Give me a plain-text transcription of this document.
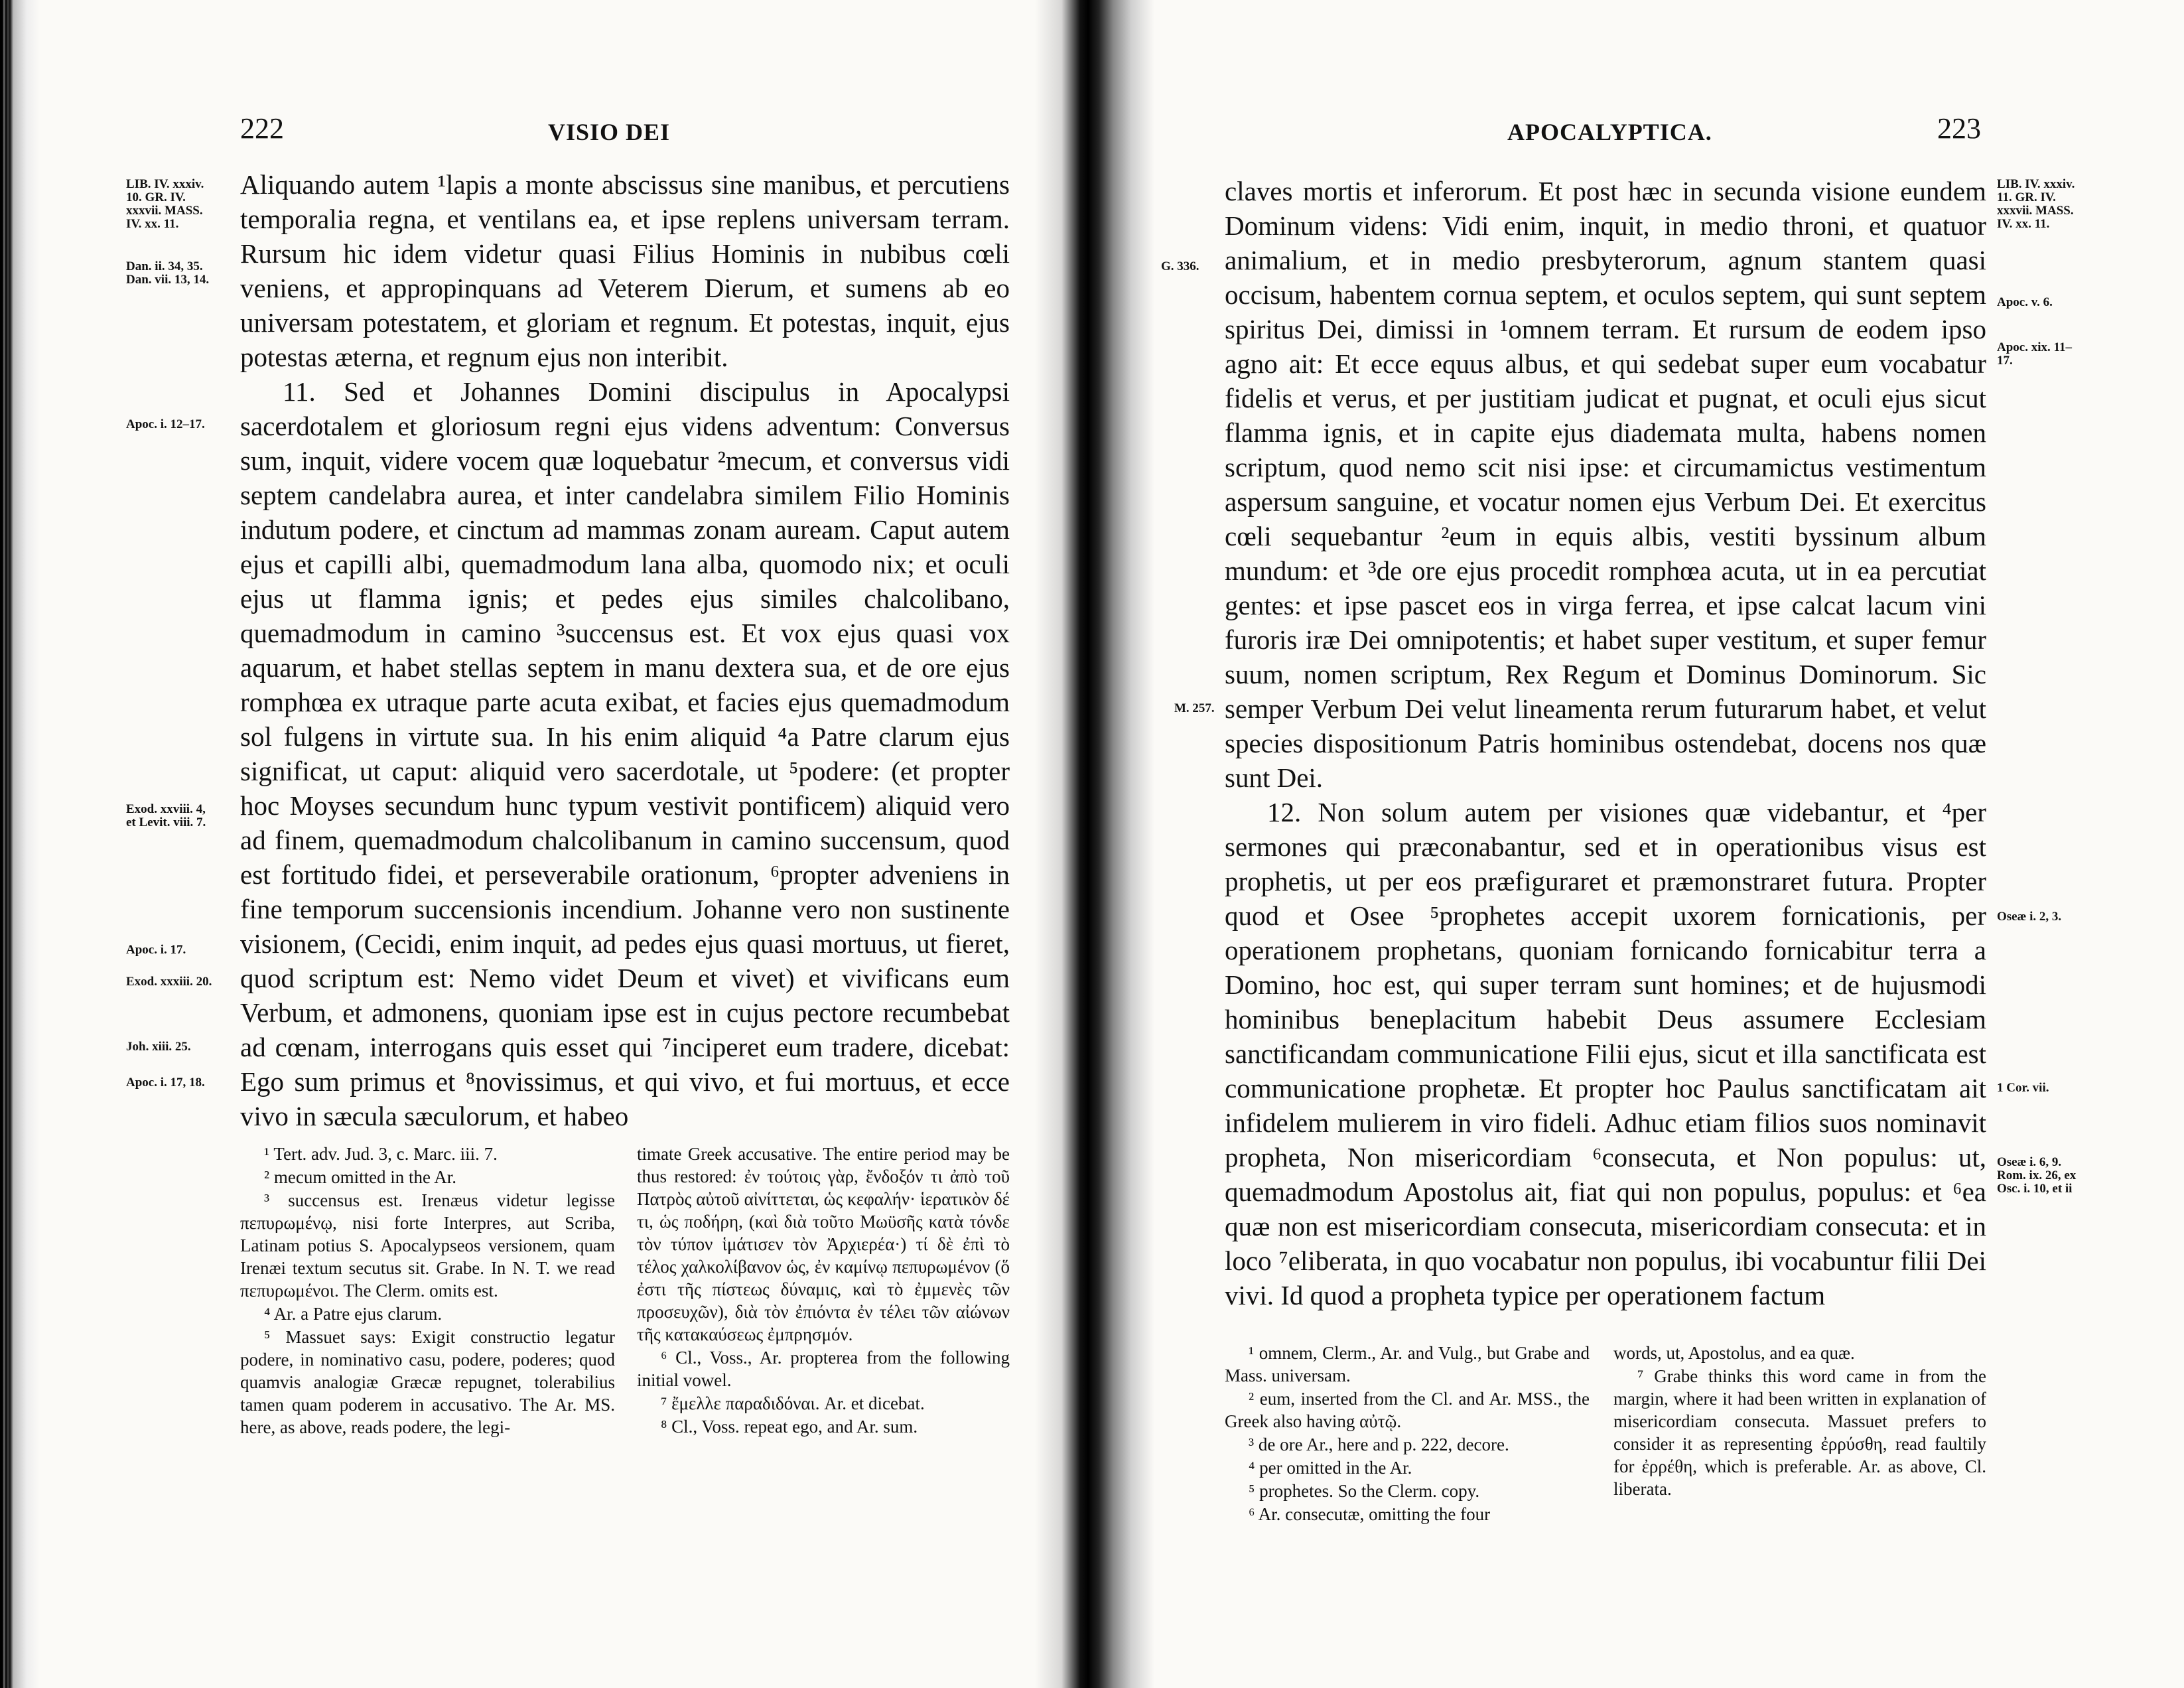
222	VISIO DEI
LIB. IV. xxxiv. 10. GR. IV. xxxvii. MASS. IV. xx. 11.
Dan. ii. 34, 35. Dan. vii. 13, 14.
Apoc. i. 12–17.
Exod. xxviii. 4, et Levit. viii. 7.
Apoc. i. 17.
Exod. xxxiii. 20.
Joh. xiii. 25.
Apoc. i. 17, 18.

Aliquando autem ¹lapis a monte abscissus sine manibus, et percutiens temporalia regna, et ventilans ea, et ipse replens universam terram. Rursum hic idem videtur quasi Filius Hominis in nubibus cœli veniens, et appropinquans ad Veterem Dierum, et sumens ab eo universam potestatem, et gloriam et regnum. Et potestas, inquit, ejus potestas æterna, et regnum ejus non interibit.

11. Sed et Johannes Domini discipulus in Apocalypsi sacerdotalem et gloriosum regni ejus videns adventum: Conversus sum, inquit, videre vocem quæ loquebatur ²mecum, et conversus vidi septem candelabra aurea, et inter candelabra similem Filio Hominis indutum podere, et cinctum ad mammas zonam auream. Caput autem ejus et capilli albi, quemadmodum lana alba, quomodo nix; et oculi ejus ut flamma ignis; et pedes ejus similes chalcolibano, quemadmodum in camino ³succensus est. Et vox ejus quasi vox aquarum, et habet stellas septem in manu dextera sua, et de ore ejus romphœa ex utraque parte acuta exibat, et facies ejus quemadmodum sol fulgens in virtute sua. In his enim aliquid ⁴a Patre clarum ejus significat, ut caput: aliquid vero sacerdotale, ut ⁵podere: (et propter hoc Moyses secundum hunc typum vestivit pontificem) aliquid vero ad finem, quemadmodum chalcolibanum in camino succensum, quod est fortitudo fidei, et perseverabile orationum, ⁶propter adveniens in fine temporum succensionis incendium. Johanne vero non sustinente visionem, (Cecidi, enim inquit, ad pedes ejus quasi mortuus, ut fieret, quod scriptum est: Nemo videt Deum et vivet) et vivificans eum Verbum, et admonens, quoniam ipse est in cujus pectore recumbebat ad cœnam, interrogans quis esset qui ⁷inciperet eum tradere, dicebat: Ego sum primus et ⁸novissimus, et qui vivo, et fui mortuus, et ecce vivo in sæcula sæculorum, et habeo

¹ Tert. adv. Jud. 3, c. Marc. iii. 7.

² mecum omitted in the Ar.

³ succensus est. Irenæus videtur legisse πεπυρωμένῳ, nisi forte Interpres, aut Scriba, Latinam potius S. Apocalypseos versionem, quam Irenæi textum secutus sit. Grabe. In N. T. we read πεπυρωμένοι. The Clerm. omits est.

⁴ Ar. a Patre ejus clarum.

⁵ Massuet says: Exigit constructio legatur podere, in nominativo casu, podere, poderes; quod quamvis analogiæ Græcæ repugnet, tolerabilius tamen quam poderem in accusativo. The Ar. MS. here, as above, reads podere, the legi-

timate Greek accusative. The entire period may be thus restored: ἐν τούτοις γὰρ, ἔνδοξόν τι ἀπὸ τοῦ Πατρὸς αὐτοῦ αἰνίττεται, ὡς κεφαλήν· ἱερατικὸν δέ τι, ὡς ποδήρη, (καὶ διὰ τοῦτο Μωϋσῆς κατὰ τόνδε τὸν τύπον ἱμάτισεν τὸν Ἀρχιερέα·) τί δὲ ἐπὶ τὸ τέλος χαλκολίβανον ὡς, ἐν καμίνῳ πεπυρωμένον (ὅ ἐστι τῆς πίστεως δύναμις, καὶ τὸ ἐμμενὲς τῶν προσευχῶν), διὰ τὸν ἐπιόντα ἐν τέλει τῶν αἰώνων τῆς κατακαύσεως ἐμπρησμόν.

⁶ Cl., Voss., Ar. propterea from the following initial vowel.

⁷ ἔμελλε παραδιδόναι. Ar. et dicebat.

⁸ Cl., Voss. repeat ego, and Ar. sum.

APOCALYPTICA.	223
G. 336.
M. 257.
LIB. IV. xxxiv. 11. GR. IV. xxxvii. MASS. IV. xx. 11.
Apoc. v. 6.
Apoc. xix. 11–17.
Oseæ i. 2, 3.
1 Cor. vii.
Oseæ i. 6, 9. Rom. ix. 26, ex Osc. i. 10, et ii

claves mortis et inferorum. Et post hæc in secunda visione eundem Dominum videns: Vidi enim, inquit, in medio throni, et quatuor animalium, et in medio presbyterorum, agnum stantem quasi occisum, habentem cornua septem, et oculos septem, qui sunt septem spiritus Dei, dimissi in ¹omnem terram. Et rursum de eodem ipso agno ait: Et ecce equus albus, et qui sedebat super eum vocabatur fidelis et verus, et per justitiam judicat et pugnat, et oculi ejus sicut flamma ignis, et in capite ejus diademata multa, habens nomen scriptum, quod nemo scit nisi ipse: et circumamictus vestimentum aspersum sanguine, et vocatur nomen ejus Verbum Dei. Et exercitus cœli sequebantur ²eum in equis albis, vestiti byssinum album mundum: et ³de ore ejus procedit romphœa acuta, ut in ea percutiat gentes: et ipse pascet eos in virga ferrea, et ipse calcat lacum vini furoris iræ Dei omnipotentis; et habet super vestitum, et super femur suum, nomen scriptum, Rex Regum et Dominus Dominorum. Sic semper Verbum Dei velut lineamenta rerum futurarum habet, et velut species dispositionum Patris hominibus ostendebat, docens nos quæ sunt Dei.

12. Non solum autem per visiones quæ videbantur, et ⁴per sermones qui præconabantur, sed et in operationibus visus est prophetis, ut per eos præfiguraret et præmonstraret futura. Propter quod et Osee ⁵prophetes accepit uxorem fornicationis, per operationem prophetans, quoniam fornicando fornicabitur terra a Domino, hoc est, qui super terram sunt homines; et de hujusmodi hominibus beneplacitum habebit Deus assumere Ecclesiam sanctificandam communicatione Filii ejus, sicut et illa sanctificata est communicatione prophetæ. Et propter hoc Paulus sanctificatam ait infidelem mulierem in viro fideli. Adhuc etiam filios suos nominavit propheta, Non misericordiam ⁶consecuta, et Non populus: ut, quemadmodum Apostolus ait, fiat qui non populus, populus: et ⁶ea quæ non est misericordiam consecuta, misericordiam consecuta: et in loco ⁷eliberata, in quo vocabatur non populus, ibi vocabuntur filii Dei vivi. Id quod a propheta typice per operationem factum

¹ omnem, Clerm., Ar. and Vulg., but Grabe and Mass. universam.

² eum, inserted from the Cl. and Ar. MSS., the Greek also having αὐτῷ.

³ de ore Ar., here and p. 222, decore.

⁴ per omitted in the Ar.

⁵ prophetes. So the Clerm. copy.

⁶ Ar. consecutæ, omitting the four

words, ut, Apostolus, and ea quæ.

⁷ Grabe thinks this word came in from the margin, where it had been written in explanation of misericordiam consecuta. Massuet prefers to consider it as representing ἐρρύσθη, read faultily for ἐρρέθη, which is preferable. Ar. as above, Cl. liberata.
